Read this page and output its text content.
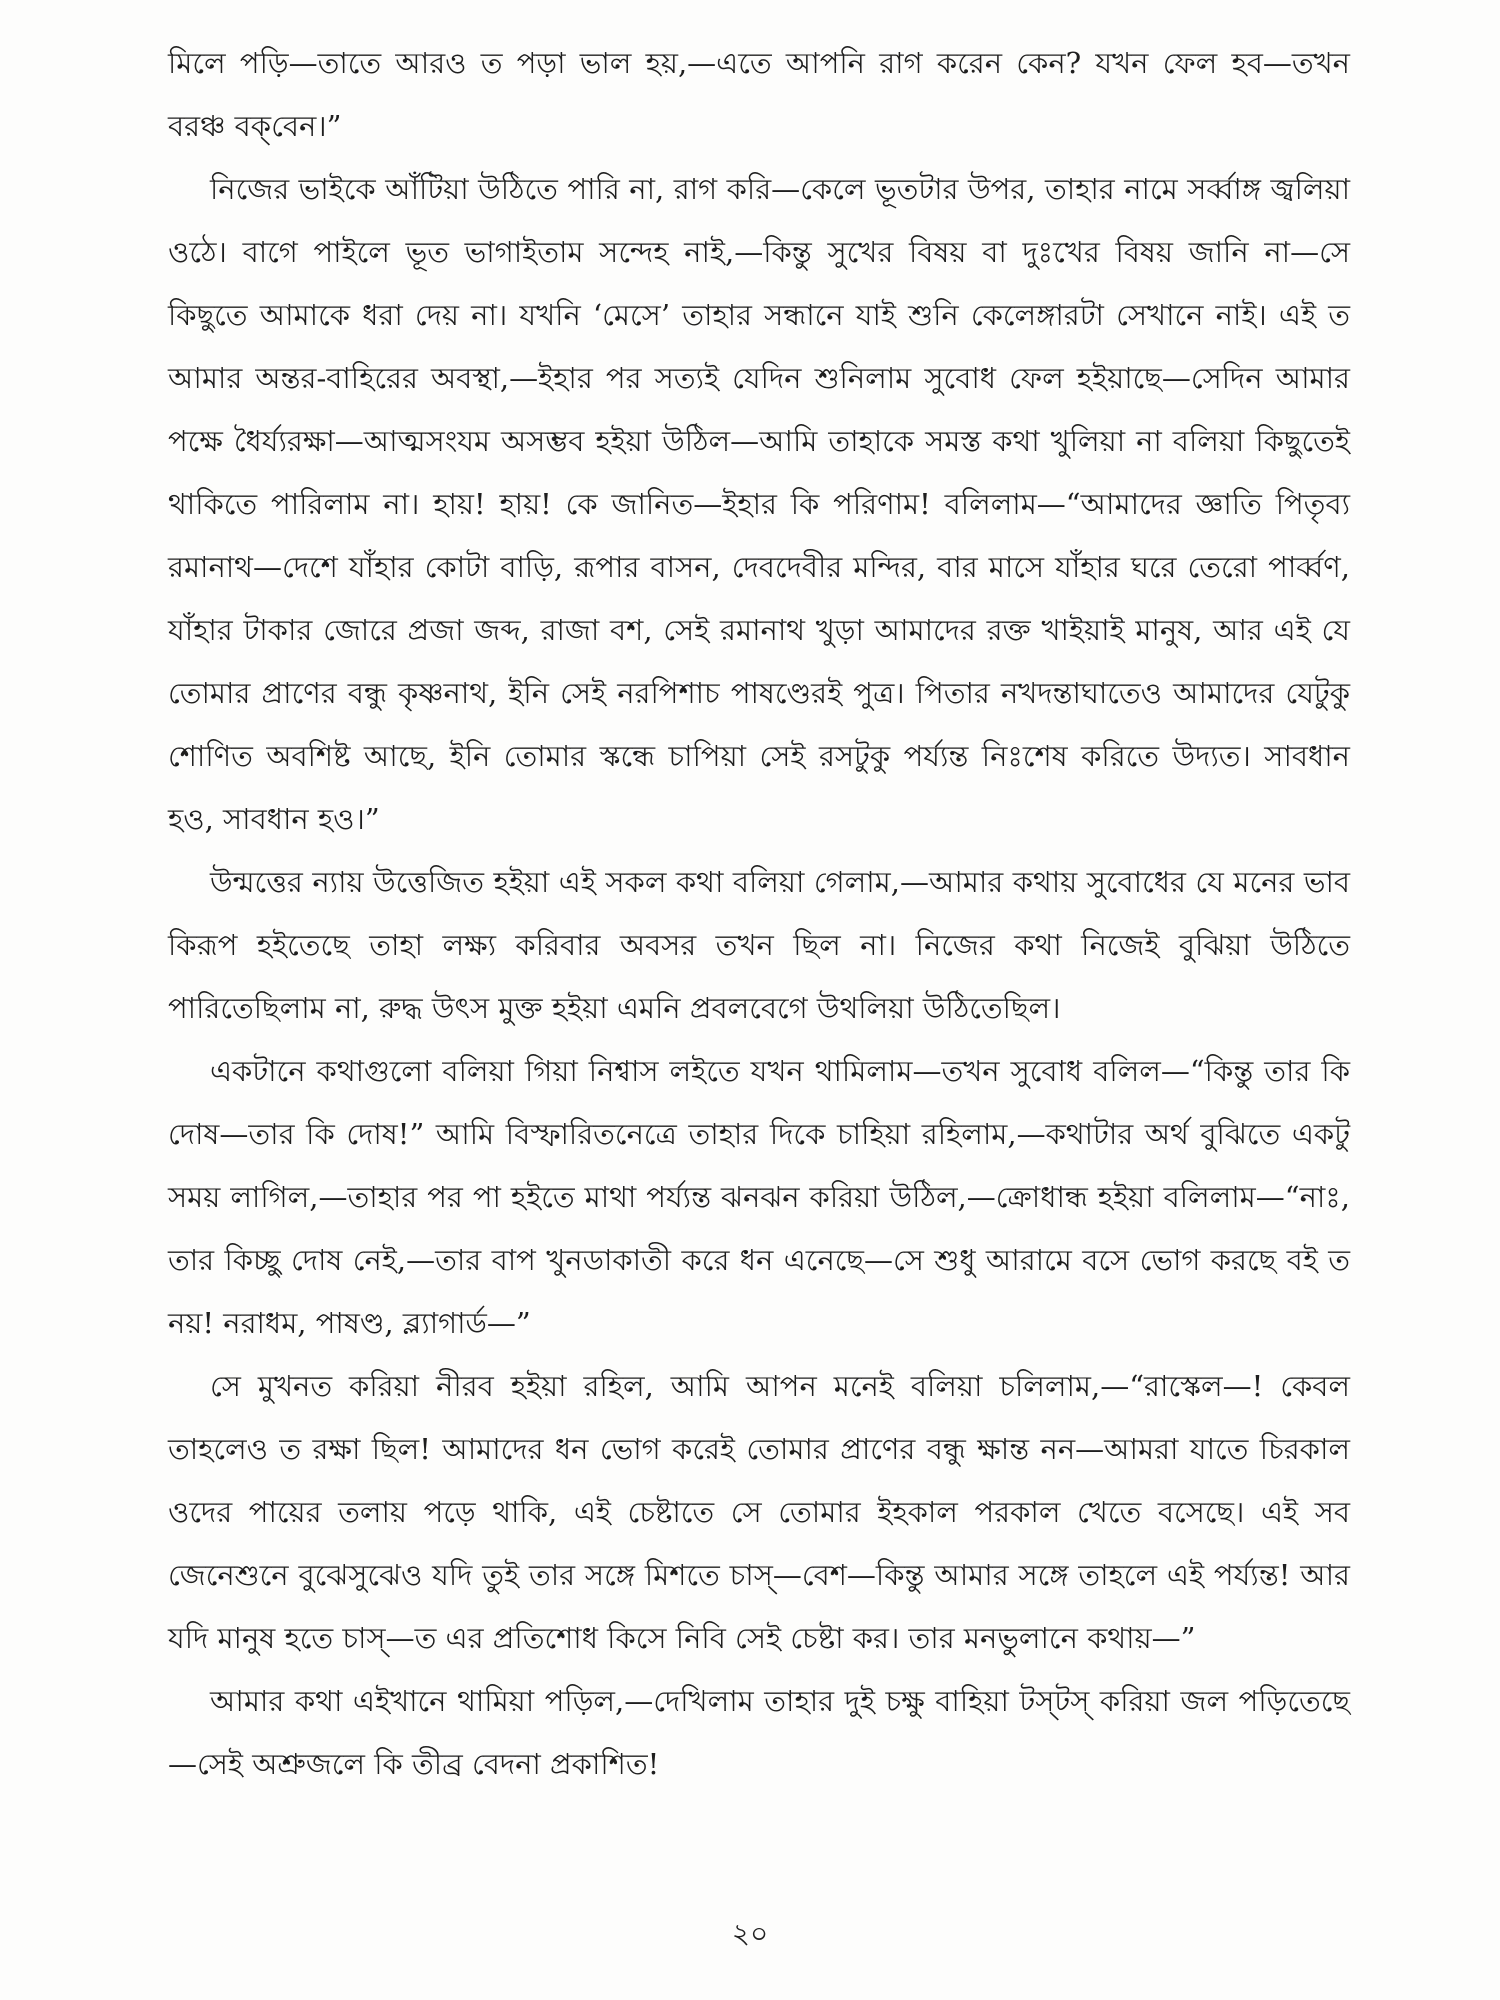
মিলে পড়ি—তাতে আরও ত পড়া ভাল হয়,—এতে আপনি রাগ করেন কেন? যখন ফেল হব—তখন বরঞ্চ বক্‌বেন।”

নিজের ভাইকে আঁটিয়া উঠিতে পারি না, রাগ করি—কেলে ভূতটার উপর, তাহার নামে সর্ব্বাঙ্গ জ্বলিয়া ওঠে। বাগে পাইলে ভূত ভাগাইতাম সন্দেহ নাই,—কিন্তু সুখের বিষয় বা দুঃখের বিষয় জানি না—সে কিছুতে আমাকে ধরা দেয় না। যখনি ‘মেসে’ তাহার সন্ধানে যাই শুনি কেলেঙ্গারটা সেখানে নাই। এই ত আমার অন্তর-বাহিরের অবস্থা,—ইহার পর সত্যই যেদিন শুনিলাম সুবোধ ফেল হইয়াছে—সেদিন আমার পক্ষে ধৈর্য্যরক্ষা—আত্মসংযম অসম্ভব হইয়া উঠিল—আমি তাহাকে সমস্ত কথা খুলিয়া না বলিয়া কিছুতেই থাকিতে পারিলাম না। হায়! হায়! কে জানিত—ইহার কি পরিণাম! বলিলাম—“আমাদের জ্ঞাতি পিতৃব্য রমানাথ—দেশে যাঁহার কোটা বাড়ি, রূপার বাসন, দেবদেবীর মন্দির, বার মাসে যাঁহার ঘরে তেরো পার্ব্বণ, যাঁহার টাকার জোরে প্রজা জব্দ, রাজা বশ, সেই রমানাথ খুড়া আমাদের রক্ত খাইয়াই মানুষ, আর এই যে তোমার প্রাণের বন্ধু কৃষ্ণনাথ, ইনি সেই নরপিশাচ পাষণ্ডেরই পুত্র। পিতার নখদন্তাঘাতেও আমাদের যেটুকু শোণিত অবশিষ্ট আছে, ইনি তোমার স্কন্ধে চাপিয়া সেই রসটুকু পর্য্যন্ত নিঃশেষ করিতে উদ্যত। সাবধান হও, সাবধান হও।”

উন্মত্তের ন্যায় উত্তেজিত হইয়া এই সকল কথা বলিয়া গেলাম,—আমার কথায় সুবোধের যে মনের ভাব কিরূপ হইতেছে তাহা লক্ষ্য করিবার অবসর তখন ছিল না। নিজের কথা নিজেই বুঝিয়া উঠিতে পারিতেছিলাম না, রুদ্ধ উৎস মুক্ত হইয়া এমনি প্রবলবেগে উথলিয়া উঠিতেছিল।

একটানে কথাগুলো বলিয়া গিয়া নিশ্বাস লইতে যখন থামিলাম—তখন সুবোধ বলিল—“কিন্তু তার কি দোষ—তার কি দোষ!” আমি বিস্ফারিতনেত্রে তাহার দিকে চাহিয়া রহিলাম,—কথাটার অর্থ বুঝিতে একটু সময় লাগিল,—তাহার পর পা হইতে মাথা পর্য্যন্ত ঝনঝন করিয়া উঠিল,—ক্রোধান্ধ হইয়া বলিলাম—“নাঃ, তার কিচ্ছু দোষ নেই,—তার বাপ খুনডাকাতী করে ধন এনেছে—সে শুধু আরামে বসে ভোগ করছে বই ত নয়! নরাধম, পাষণ্ড, ব্ল্যাগার্ড—”

সে মুখনত করিয়া নীরব হইয়া রহিল, আমি আপন মনেই বলিয়া চলিলাম,—“রাস্কেল—! কেবল তাহলেও ত রক্ষা ছিল! আমাদের ধন ভোগ করেই তোমার প্রাণের বন্ধু ক্ষান্ত নন—আমরা যাতে চিরকাল ওদের পায়ের তলায় পড়ে থাকি, এই চেষ্টাতে সে তোমার ইহকাল পরকাল খেতে বসেছে। এই সব জেনেশুনে বুঝেসুঝেও যদি তুই তার সঙ্গে মিশতে চাস্‌—বেশ—কিন্তু আমার সঙ্গে তাহলে এই পর্য্যন্ত! আর যদি মানুষ হতে চাস্‌—ত এর প্রতিশোধ কিসে নিবি সেই চেষ্টা কর। তার মনভুলানে কথায়—”

আমার কথা এইখানে থামিয়া পড়িল,—দেখিলাম তাহার দুই চক্ষু বাহিয়া টস্‌টস্‌ করিয়া জল পড়িতেছে—সেই অশ্রুজলে কি তীব্র বেদনা প্রকাশিত!

২০
